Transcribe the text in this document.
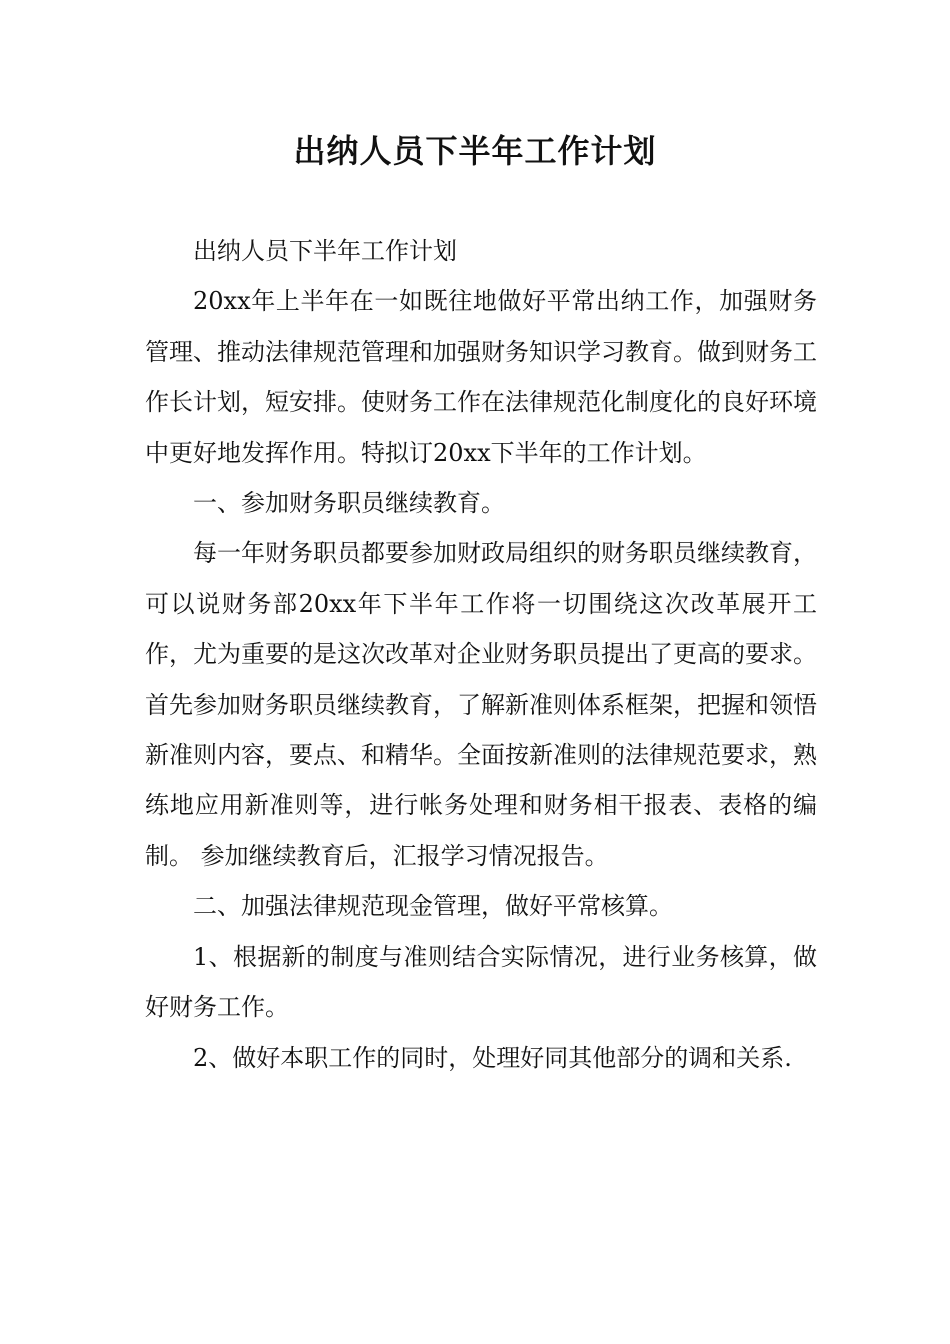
出纳人员下半年工作计划

出纳人员下半年工作计划

20xx年上半年在一如既往地做好平常出纳工作，加强财务管理、推动法律规范管理和加强财务知识学习教育。做到财务工作长计划，短安排。使财务工作在法律规范化制度化的良好环境中更好地发挥作用。特拟订20xx下半年的工作计划。

一、参加财务职员继续教育。

每一年财务职员都要参加财政局组织的财务职员继续教育，可以说财务部20xx年下半年工作将一切围绕这次改革展开工作，尤为重要的是这次改革对企业财务职员提出了更高的要求。 首先参加财务职员继续教育，了解新准则体系框架，把握和领悟新准则内容，要点、和精华。全面按新准则的法律规范要求，熟练地应用新准则等，进行帐务处理和财务相干报表、表格的编制。 参加继续教育后，汇报学习情况报告。

二、加强法律规范现金管理，做好平常核算。

1、根据新的制度与准则结合实际情况，进行业务核算，做好财务工作。

2、做好本职工作的同时，处理好同其他部分的调和关系.
